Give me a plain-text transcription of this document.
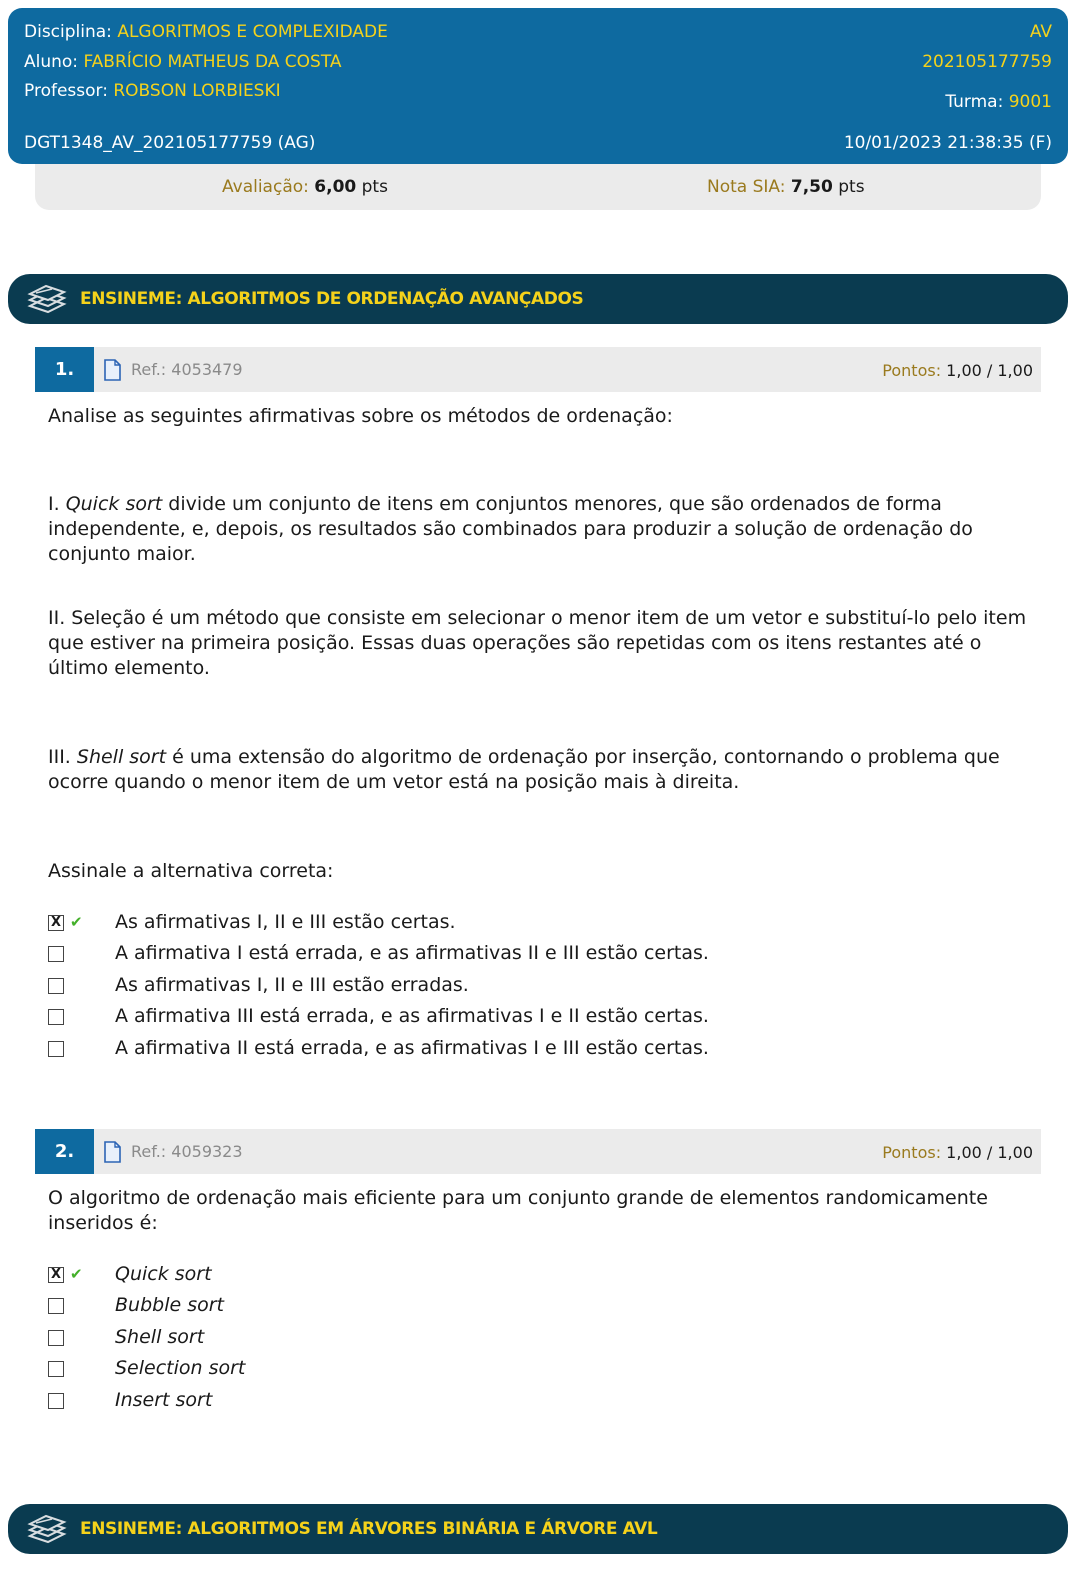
Disciplina: ALGORITMOS E COMPLEXIDADE
Aluno: FABRÍCIO MATHEUS DA COSTA
Professor: ROBSON LORBIESKI
AV
202105177759
Turma: 9001
DGT1348_AV_202105177759 (AG)	10/01/2023 21:38:35 (F)
Avaliação: 6,00 pts	Nota SIA: 7,50 pts
ENSINEME: ALGORITMOS DE ORDENAÇÃO AVANÇADOS
1.	Ref.: 4053479	Pontos: 1,00 / 1,00
Analise as seguintes afirmativas sobre os métodos de ordenação:
I. Quick sort divide um conjunto de itens em conjuntos menores, que são ordenados de forma independente, e, depois, os resultados são combinados para produzir a solução de ordenação do conjunto maior.
II. Seleção é um método que consiste em selecionar o menor item de um vetor e substituí-lo pelo item que estiver na primeira posição. Essas duas operações são repetidas com os itens restantes até o último elemento.
III. Shell sort é uma extensão do algoritmo de ordenação por inserção, contornando o problema que ocorre quando o menor item de um vetor está na posição mais à direita.
Assinale a alternativa correta:
X ✔ As afirmativas I, II e III estão certas.
A afirmativa I está errada, e as afirmativas II e III estão certas.
As afirmativas I, II e III estão erradas.
A afirmativa III está errada, e as afirmativas I e II estão certas.
A afirmativa II está errada, e as afirmativas I e III estão certas.
2.	Ref.: 4059323	Pontos: 1,00 / 1,00
O algoritmo de ordenação mais eficiente para um conjunto grande de elementos randomicamente inseridos é:
X ✔ Quick sort
Bubble sort
Shell sort
Selection sort
Insert sort
ENSINEME: ALGORITMOS EM ÁRVORES BINÁRIA E ÁRVORE AVL
